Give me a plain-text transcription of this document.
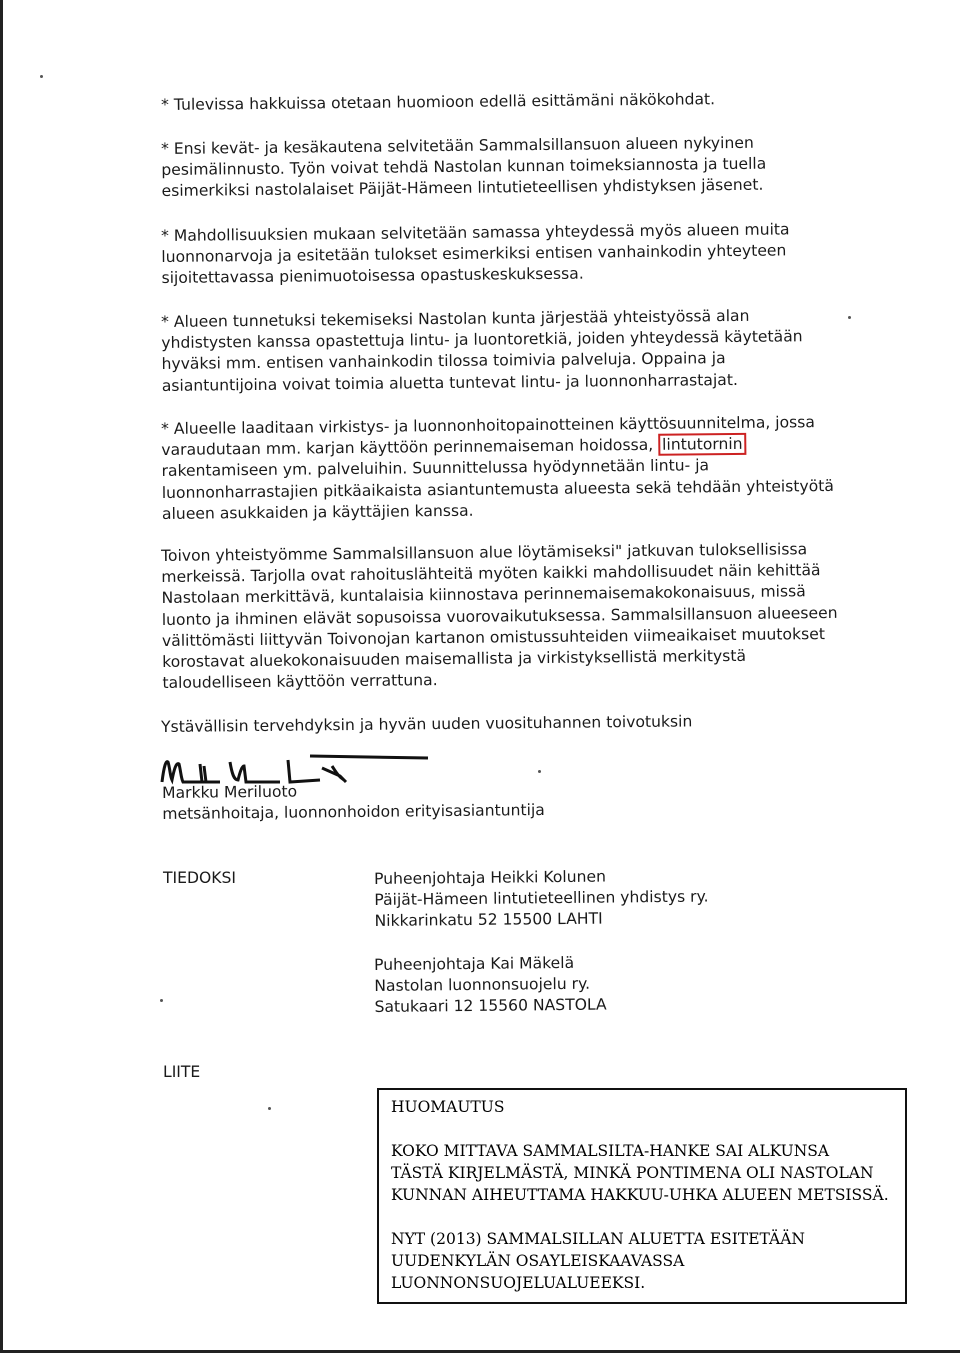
* Tulevissa hakkuissa otetaan huomioon edellä esittämäni näkökohdat.

* Ensi kevät- ja kesäkautena selvitetään Sammalsillansuon alueen nykyinen pesimälinnusto. Työn voivat tehdä Nastolan kunnan toimeksiannosta ja tuella esimerkiksi nastolalaiset Päijät-Hämeen lintutieteellisen yhdistyksen jäsenet.

* Mahdollisuuksien mukaan selvitetään samassa yhteydessä myös alueen muita luonnonarvoja ja esitetään tulokset esimerkiksi entisen vanhainkodin yhteyteen sijoitettavassa pienimuotoisessa opastuskeskuksessa.

* Alueen tunnetuksi tekemiseksi Nastolan kunta järjestää yhteistyössä alan yhdistysten kanssa opastettuja lintu- ja luontoretkiä, joiden yhteydessä käytetään hyväksi mm. entisen vanhainkodin tilossa toimivia palveluja. Oppaina ja asiantuntijoina voivat toimia aluetta tuntevat lintu- ja luonnonharrastajat.

* Alueelle laaditaan virkistys- ja luonnonhoitopainotteinen käyttösuunnitelma, jossa varaudutaan mm. karjan käyttöön perinnemaiseman hoidossa, lintutornin rakentamiseen ym. palveluihin. Suunnittelussa hyödynnetään lintu- ja luonnonharrastajien pitkäaikaista asiantuntemusta alueesta sekä tehdään yhteistyötä alueen asukkaiden ja käyttäjien kanssa.

Toivon yhteistyömme Sammalsillansuon alue löytämiseksi" jatkuvan tuloksellisissa merkeissä. Tarjolla ovat rahoituslähteitä myöten kaikki mahdollisuudet näin kehittää Nastolaan merkittävä, kuntalaisia kiinnostava perinnemaisemakokonaisuus, missä luonto ja ihminen elävät sopusoissa vuorovaikutuksessa. Sammalsillansuon alueeseen välittömästi liittyvän Toivonojan kartanon omistussuhteiden viimeaikaiset muutokset korostavat aluekokonaisuuden maisemallista ja virkistyksellistä merkitystä taloudelliseen käyttöön verrattuna.

Ystävällisin tervehdyksin ja hyvän uuden vuosituhannen toivotuksin

Markku Meriluoto
metsänhoitaja, luonnonhoidon erityisasiantuntija
TIEDOKSI	Puheenjohtaja Heikki Kolunen
Päijät-Hämeen lintutieteellinen yhdistys ry.
Nikkarinkatu 52 15500 LAHTI
Puheenjohtaja Kai Mäkelä
Nastolan luonnonsuojelu ry.
Satukaari 12 15560 NASTOLA
LIITE
HUOMAUTUS
KOKO MITTAVA SAMMALSILTA-HANKE SAI ALKUNSA
TÄSTÄ KIRJELMÄSTÄ, MINKÄ PONTIMENA OLI NASTOLAN
KUNNAN AIHEUTTAMA HAKKUU-UHKA ALUEEN METSISSÄ.
NYT (2013) SAMMALSILLAN ALUETTA ESITETÄÄN
UUDENKYLÄN OSAYLEISKAAVASSA
LUONNONSUOJELUALUEEKSI.
